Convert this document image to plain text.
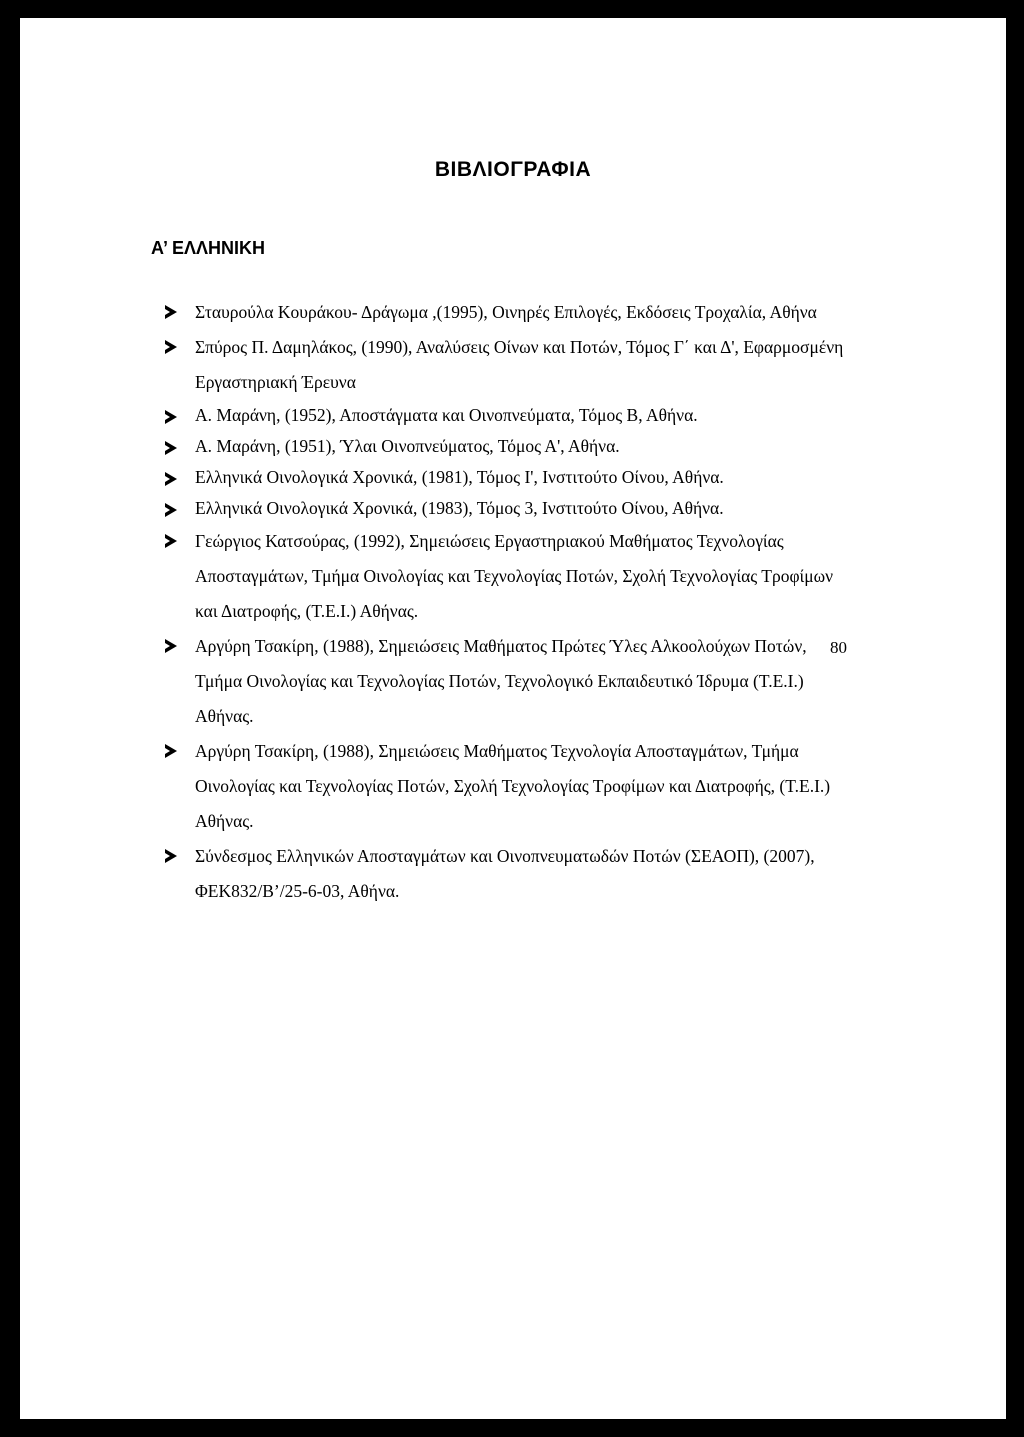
ΒΙΒΛΙΟΓΡΑΦΙΑ
Α’ ΕΛΛΗΝΙΚΗ
Σταυρούλα Κουράκου- Δράγωμα ,(1995), Οινηρές Επιλογές, Εκδόσεις Τροχαλία, Αθήνα
Σπύρος Π. Δαμηλάκος, (1990), Αναλύσεις Οίνων και Ποτών, Τόμος Γ΄ και Δ', Εφαρμοσμένη Εργαστηριακή Έρευνα
Α. Μαράνη, (1952), Αποστάγματα και Οινοπνεύματα, Τόμος Β, Αθήνα.
Α. Μαράνη, (1951), Ύλαι Οινοπνεύματος, Τόμος Α', Αθήνα.
Ελληνικά Οινολογικά Χρονικά, (1981), Τόμος Ι', Ινστιτούτο Οίνου, Αθήνα.
Ελληνικά Οινολογικά Χρονικά, (1983), Τόμος 3, Ινστιτούτο Οίνου, Αθήνα.
Γεώργιος Κατσούρας, (1992), Σημειώσεις Εργαστηριακού Μαθήματος Τεχνολογίας Αποσταγμάτων, Τμήμα Οινολογίας και Τεχνολογίας Ποτών, Σχολή Τεχνολογίας Τροφίμων και Διατροφής, (Τ.Ε.Ι.) Αθήνας.
Αργύρη Τσακίρη, (1988), Σημειώσεις Μαθήματος Πρώτες Ύλες Αλκοολούχων Ποτών, Τμήμα Οινολογίας και Τεχνολογίας Ποτών, Τεχνολογικό Εκπαιδευτικό Ίδρυμα (Τ.Ε.Ι.) Αθήνας.
Αργύρη Τσακίρη, (1988), Σημειώσεις Μαθήματος Τεχνολογία Αποσταγμάτων, Τμήμα Οινολογίας και Τεχνολογίας Ποτών, Σχολή Τεχνολογίας Τροφίμων και Διατροφής, (Τ.Ε.Ι.) Αθήνας.
Σύνδεσμος Ελληνικών Αποσταγμάτων και Οινοπνευματωδών Ποτών (ΣΕΑΟΠ), (2007), ΦΕΚ832/Β’/25-6-03, Αθήνα.
80
